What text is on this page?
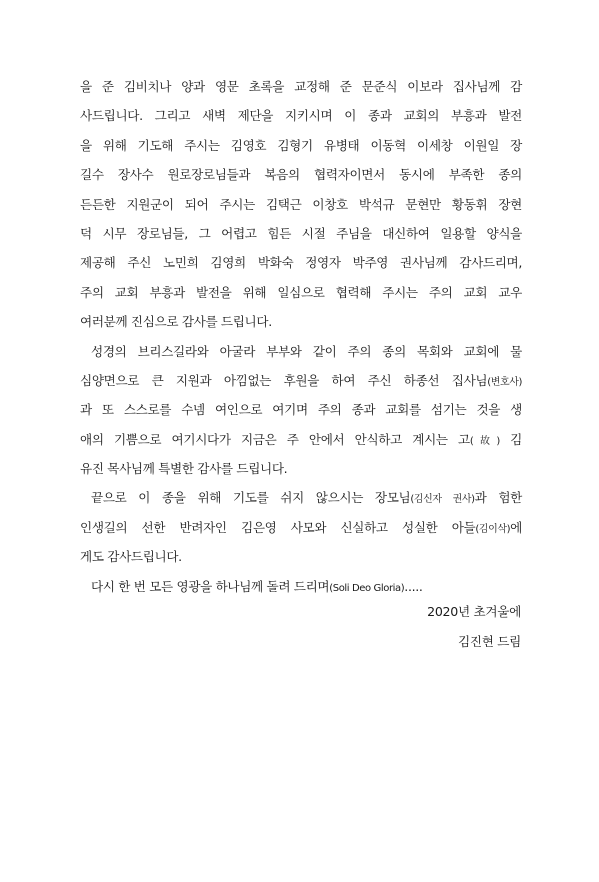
을 준 김비치나 양과 영문 초록을 교정해 준 문준식 이보라 집사님께 감
사드립니다. 그리고 새벽 제단을 지키시며 이 종과 교회의 부흥과 발전
을 위해 기도해 주시는 김영호 김형기 유병태 이동혁 이세창 이원일 장
길수 장사수 원로장로님들과 복음의 협력자이면서 동시에 부족한 종의
든든한 지원군이 되어 주시는 김택근 이창호 박석규 문현만 황동휘 장현
덕 시무 장로님들, 그 어렵고 힘든 시절 주님을 대신하여 일용할 양식을
제공해 주신 노민희 김영희 박화숙 정영자 박주영 권사님께 감사드리며,
주의 교회 부흥과 발전을 위해 일심으로 협력해 주시는 주의 교회 교우
여러분께 진심으로 감사를 드립니다.
성경의 브리스길라와 아굴라 부부와 같이 주의 종의 목회와 교회에 물
심양면으로 큰 지원과 아낌없는 후원을 하여 주신 하종선 집사님(변호사)
과 또 스스로를 수넴 여인으로 여기며 주의 종과 교회를 섬기는 것을 생
애의 기쁨으로 여기시다가 지금은 주 안에서 안식하고 계시는 고(故) 김
유진 목사님께 특별한 감사를 드립니다.
끝으로 이 종을 위해 기도를 쉬지 않으시는 장모님(김신자 권사)과 험한
인생길의 선한 반려자인 김은영 사모와 신실하고 성실한 아들(김이삭)에
게도 감사드립니다.
다시 한 번 모든 영광을 하나님께 돌려 드리며(Soli Deo Gloria).....
2020년 초겨울에
김진현 드림
